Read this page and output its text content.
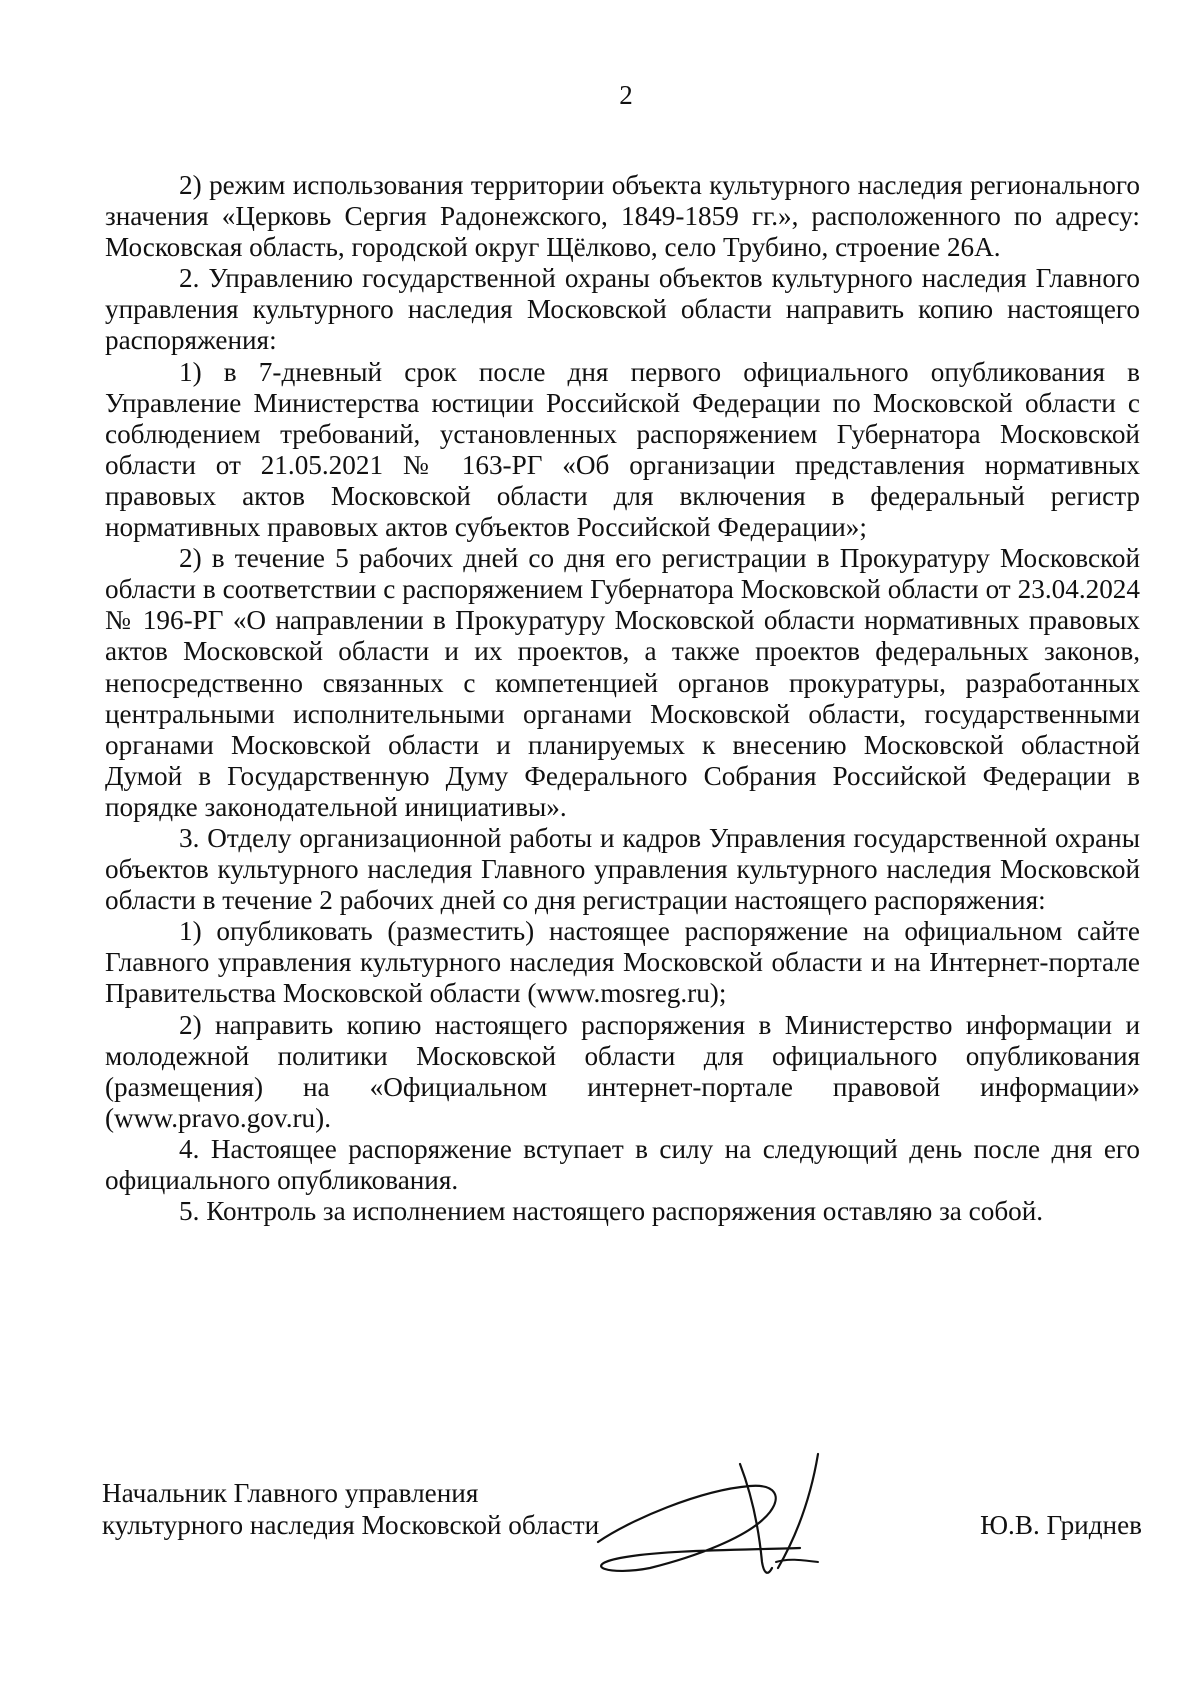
2

2) режим использования территории объекта культурного наследия регионального значения «Церковь Сергия Радонежского, 1849-1859 гг.», расположенного по адресу: Московская область, городской округ Щёлково, село Трубино, строение 26А.

2. Управлению государственной охраны объектов культурного наследия Главного управления культурного наследия Московской области направить копию настоящего распоряжения:

1) в 7-дневный срок после дня первого официального опубликования в Управление Министерства юстиции Российской Федерации по Московской области с соблюдением требований, установленных распоряжением Губернатора Московской области от 21.05.2021 № 163-РГ «Об организации представления нормативных правовых актов Московской области для включения в федеральный регистр нормативных правовых актов субъектов Российской Федерации»;

2) в течение 5 рабочих дней со дня его регистрации в Прокуратуру Московской области в соответствии с распоряжением Губернатора Московской области от 23.04.2024 № 196-РГ «О направлении в Прокуратуру Московской области нормативных правовых актов Московской области и их проектов, а также проектов федеральных законов, непосредственно связанных с компетенцией органов прокуратуры, разработанных центральными исполнительными органами Московской области, государственными органами Московской области и планируемых к внесению Московской областной Думой в Государственную Думу Федерального Собрания Российской Федерации в порядке законодательной инициативы».

3. Отделу организационной работы и кадров Управления государственной охраны объектов культурного наследия Главного управления культурного наследия Московской области в течение 2 рабочих дней со дня регистрации настоящего распоряжения:

1) опубликовать (разместить) настоящее распоряжение на официальном сайте Главного управления культурного наследия Московской области и на Интернет-портале Правительства Московской области (www.mosreg.ru);

2) направить копию настоящего распоряжения в Министерство информации и молодежной политики Московской области для официального опубликования (размещения) на «Официальном интернет-портале правовой информации» (www.pravo.gov.ru).

4. Настоящее распоряжение вступает в силу на следующий день после дня его официального опубликования.

5. Контроль за исполнением настоящего распоряжения оставляю за собой.

Начальник Главного управления
культурного наследия Московской области	Ю.В. Гриднев
